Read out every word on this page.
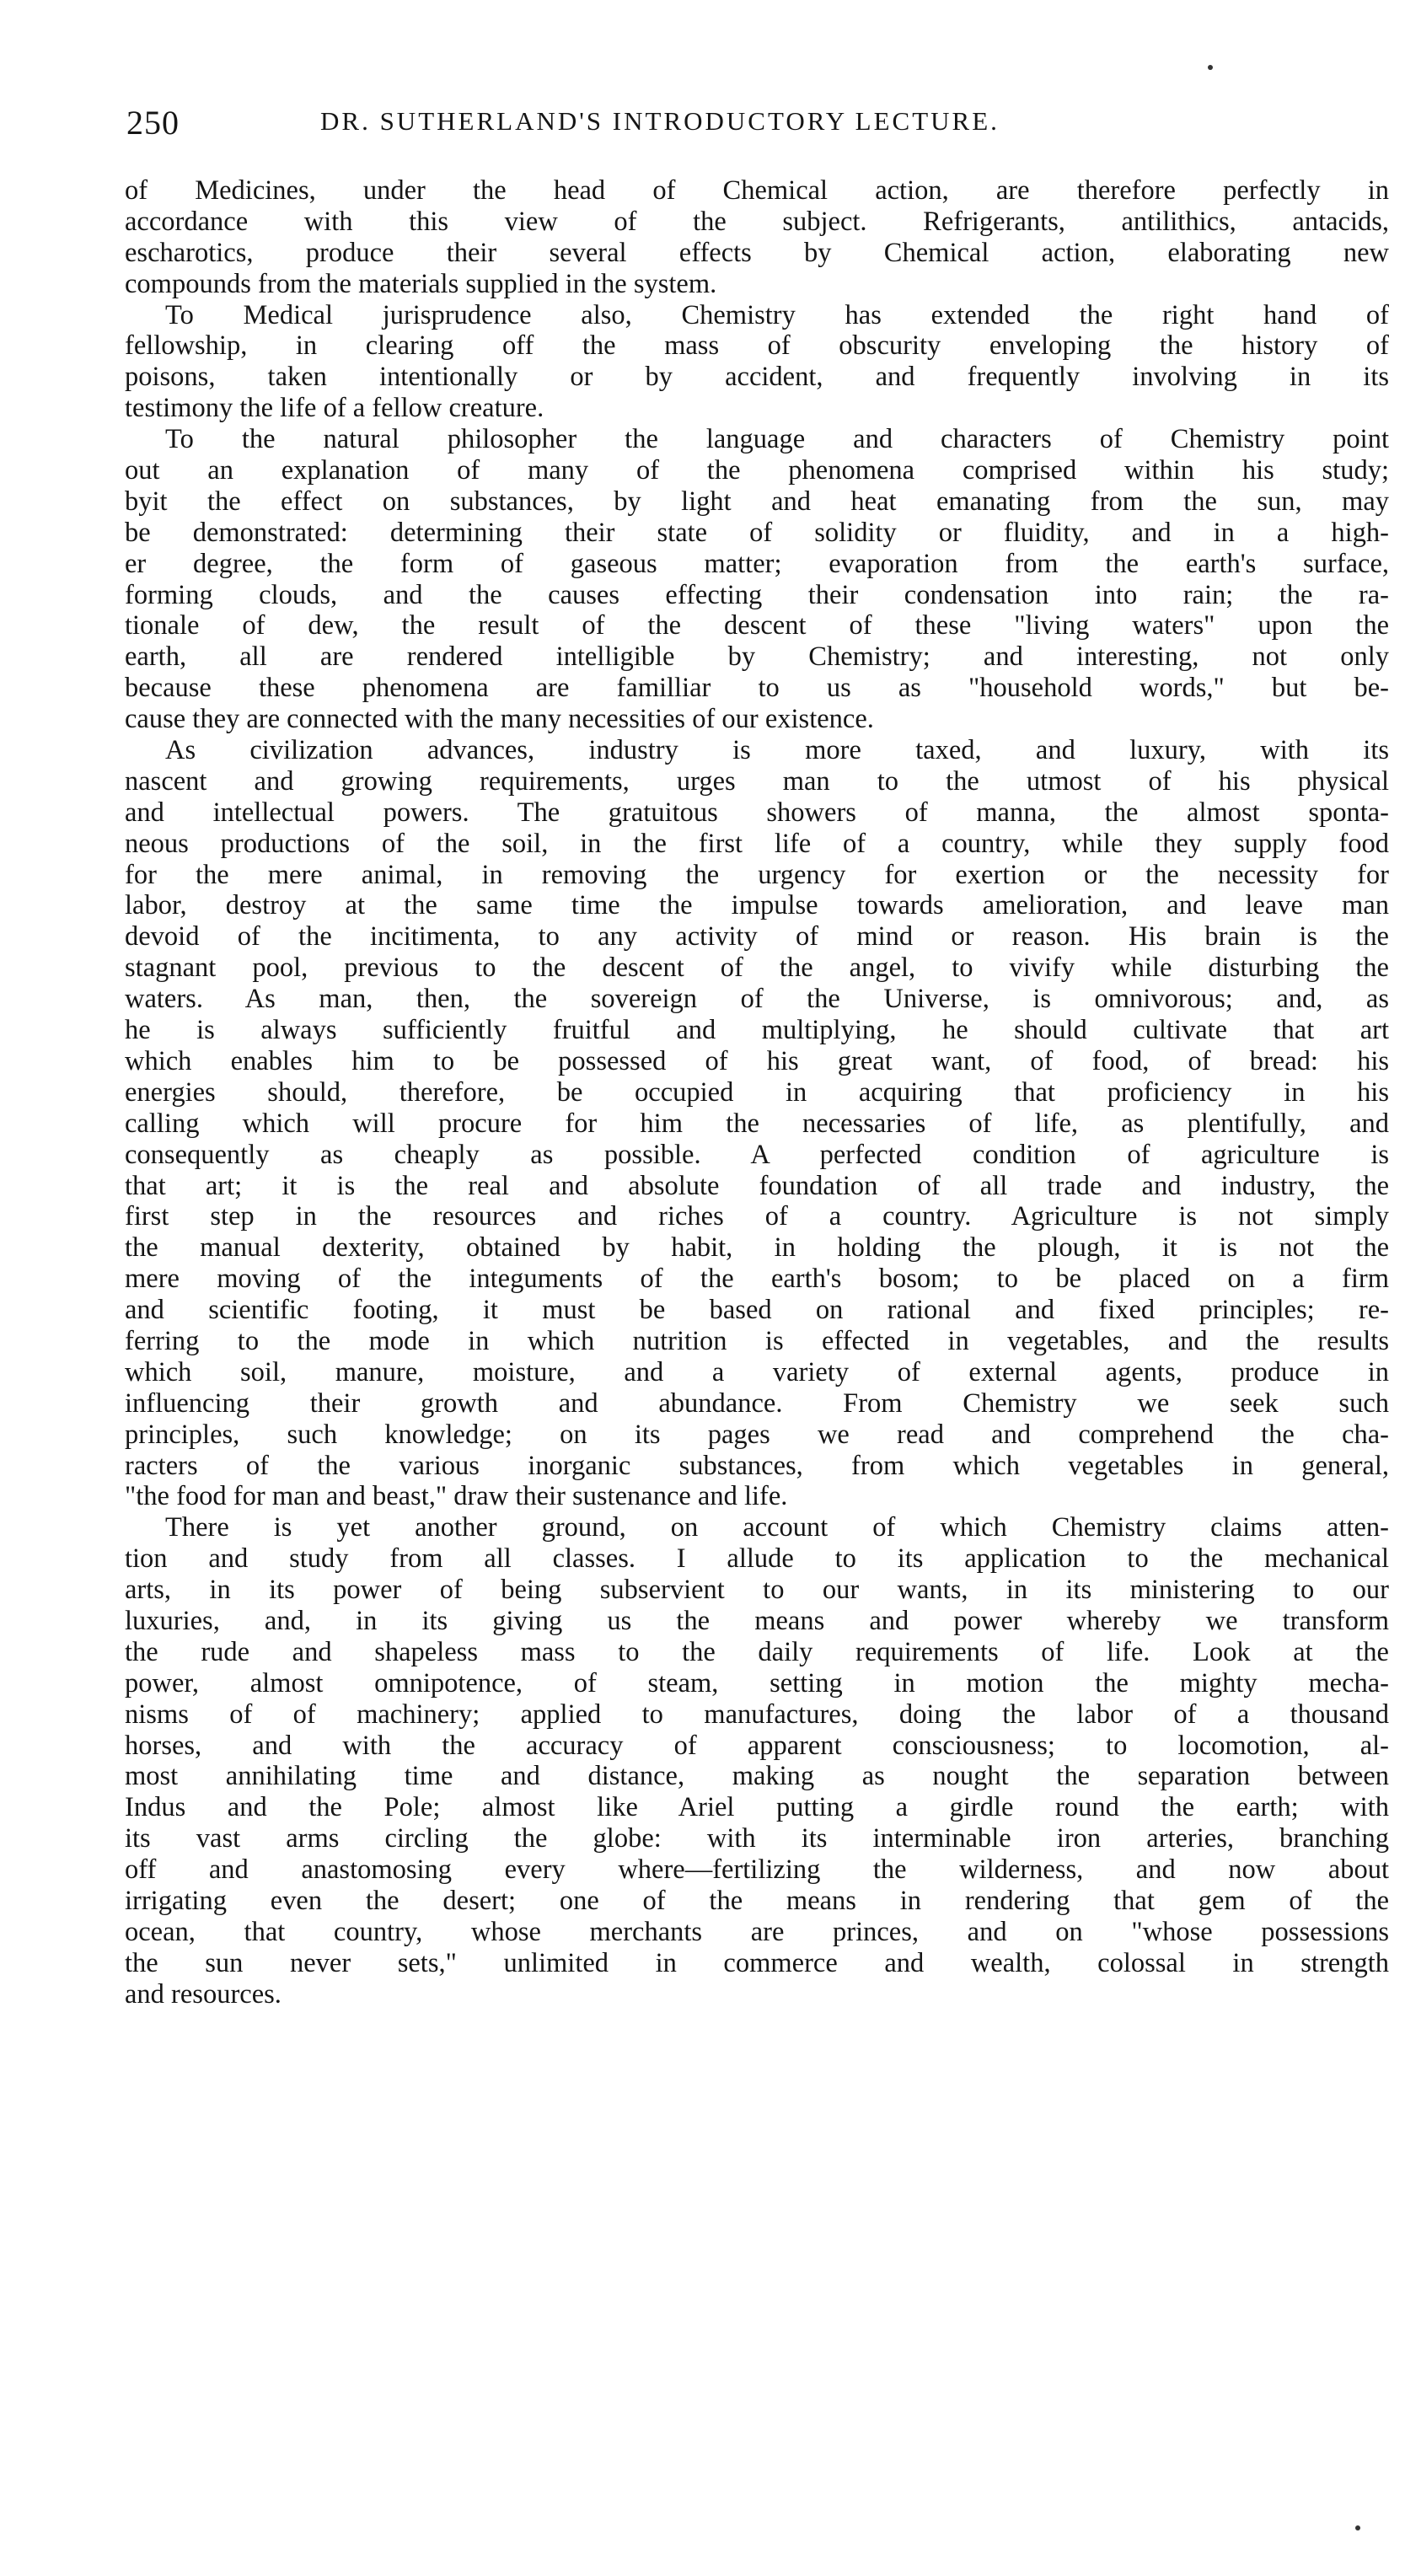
250	DR. SUTHERLAND'S INTRODUCTORY LECTURE.
of Medicines, under the head of Chemical action, are therefore perfectly in
accordance with this view of the subject. Refrigerants, antilithics, antacids,
escharotics, produce their several effects by Chemical action, elaborating new
compounds from the materials supplied in the system.
To Medical jurisprudence also, Chemistry has extended the right hand of
fellowship, in clearing off the mass of obscurity enveloping the history of
poisons, taken intentionally or by accident, and frequently involving in its
testimony the life of a fellow creature.
To the natural philosopher the language and characters of Chemistry point
out an explanation of many of the phenomena comprised within his study;
byit the effect on substances, by light and heat emanating from the sun, may
be demonstrated: determining their state of solidity or fluidity, and in a high-
er degree, the form of gaseous matter; evaporation from the earth's surface,
forming clouds, and the causes effecting their condensation into rain; the ra-
tionale of dew, the result of the descent of these "living waters" upon the
earth, all are rendered intelligible by Chemistry; and interesting, not only
because these phenomena are familliar to us as "household words," but be-
cause they are connected with the many necessities of our existence.
As civilization advances, industry is more taxed, and luxury, with its
nascent and growing requirements, urges man to the utmost of his physical
and intellectual powers. The gratuitous showers of manna, the almost sponta-
neous productions of the soil, in the first life of a country, while they supply food
for the mere animal, in removing the urgency for exertion or the necessity for
labor, destroy at the same time the impulse towards amelioration, and leave man
devoid of the incitimenta, to any activity of mind or reason. His brain is the
stagnant pool, previous to the descent of the angel, to vivify while disturbing the
waters. As man, then, the sovereign of the Universe, is omnivorous; and, as
he is always sufficiently fruitful and multiplying, he should cultivate that art
which enables him to be possessed of his great want, of food, of bread: his
energies should, therefore, be occupied in acquiring that proficiency in his
calling which will procure for him the necessaries of life, as plentifully, and
consequently as cheaply as possible. A perfected condition of agriculture is
that art; it is the real and absolute foundation of all trade and industry, the
first step in the resources and riches of a country. Agriculture is not simply
the manual dexterity, obtained by habit, in holding the plough, it is not the
mere moving of the integuments of the earth's bosom; to be placed on a firm
and scientific footing, it must be based on rational and fixed principles; re-
ferring to the mode in which nutrition is effected in vegetables, and the results
which soil, manure, moisture, and a variety of external agents, produce in
influencing their growth and abundance. From Chemistry we seek such
principles, such knowledge; on its pages we read and comprehend the cha-
racters of the various inorganic substances, from which vegetables in general,
"the food for man and beast," draw their sustenance and life.
There is yet another ground, on account of which Chemistry claims atten-
tion and study from all classes. I allude to its application to the mechanical
arts, in its power of being subservient to our wants, in its ministering to our
luxuries, and, in its giving us the means and power whereby we transform
the rude and shapeless mass to the daily requirements of life. Look at the
power, almost omnipotence, of steam, setting in motion the mighty mecha-
nisms of of machinery; applied to manufactures, doing the labor of a thousand
horses, and with the accuracy of apparent consciousness; to locomotion, al-
most annihilating time and distance, making as nought the separation between
Indus and the Pole; almost like Ariel putting a girdle round the earth; with
its vast arms circling the globe: with its interminable iron arteries, branching
off and anastomosing every where—fertilizing the wilderness, and now about
irrigating even the desert; one of the means in rendering that gem of the
ocean, that country, whose merchants are princes, and on "whose possessions
the sun never sets," unlimited in commerce and wealth, colossal in strength
and resources.
